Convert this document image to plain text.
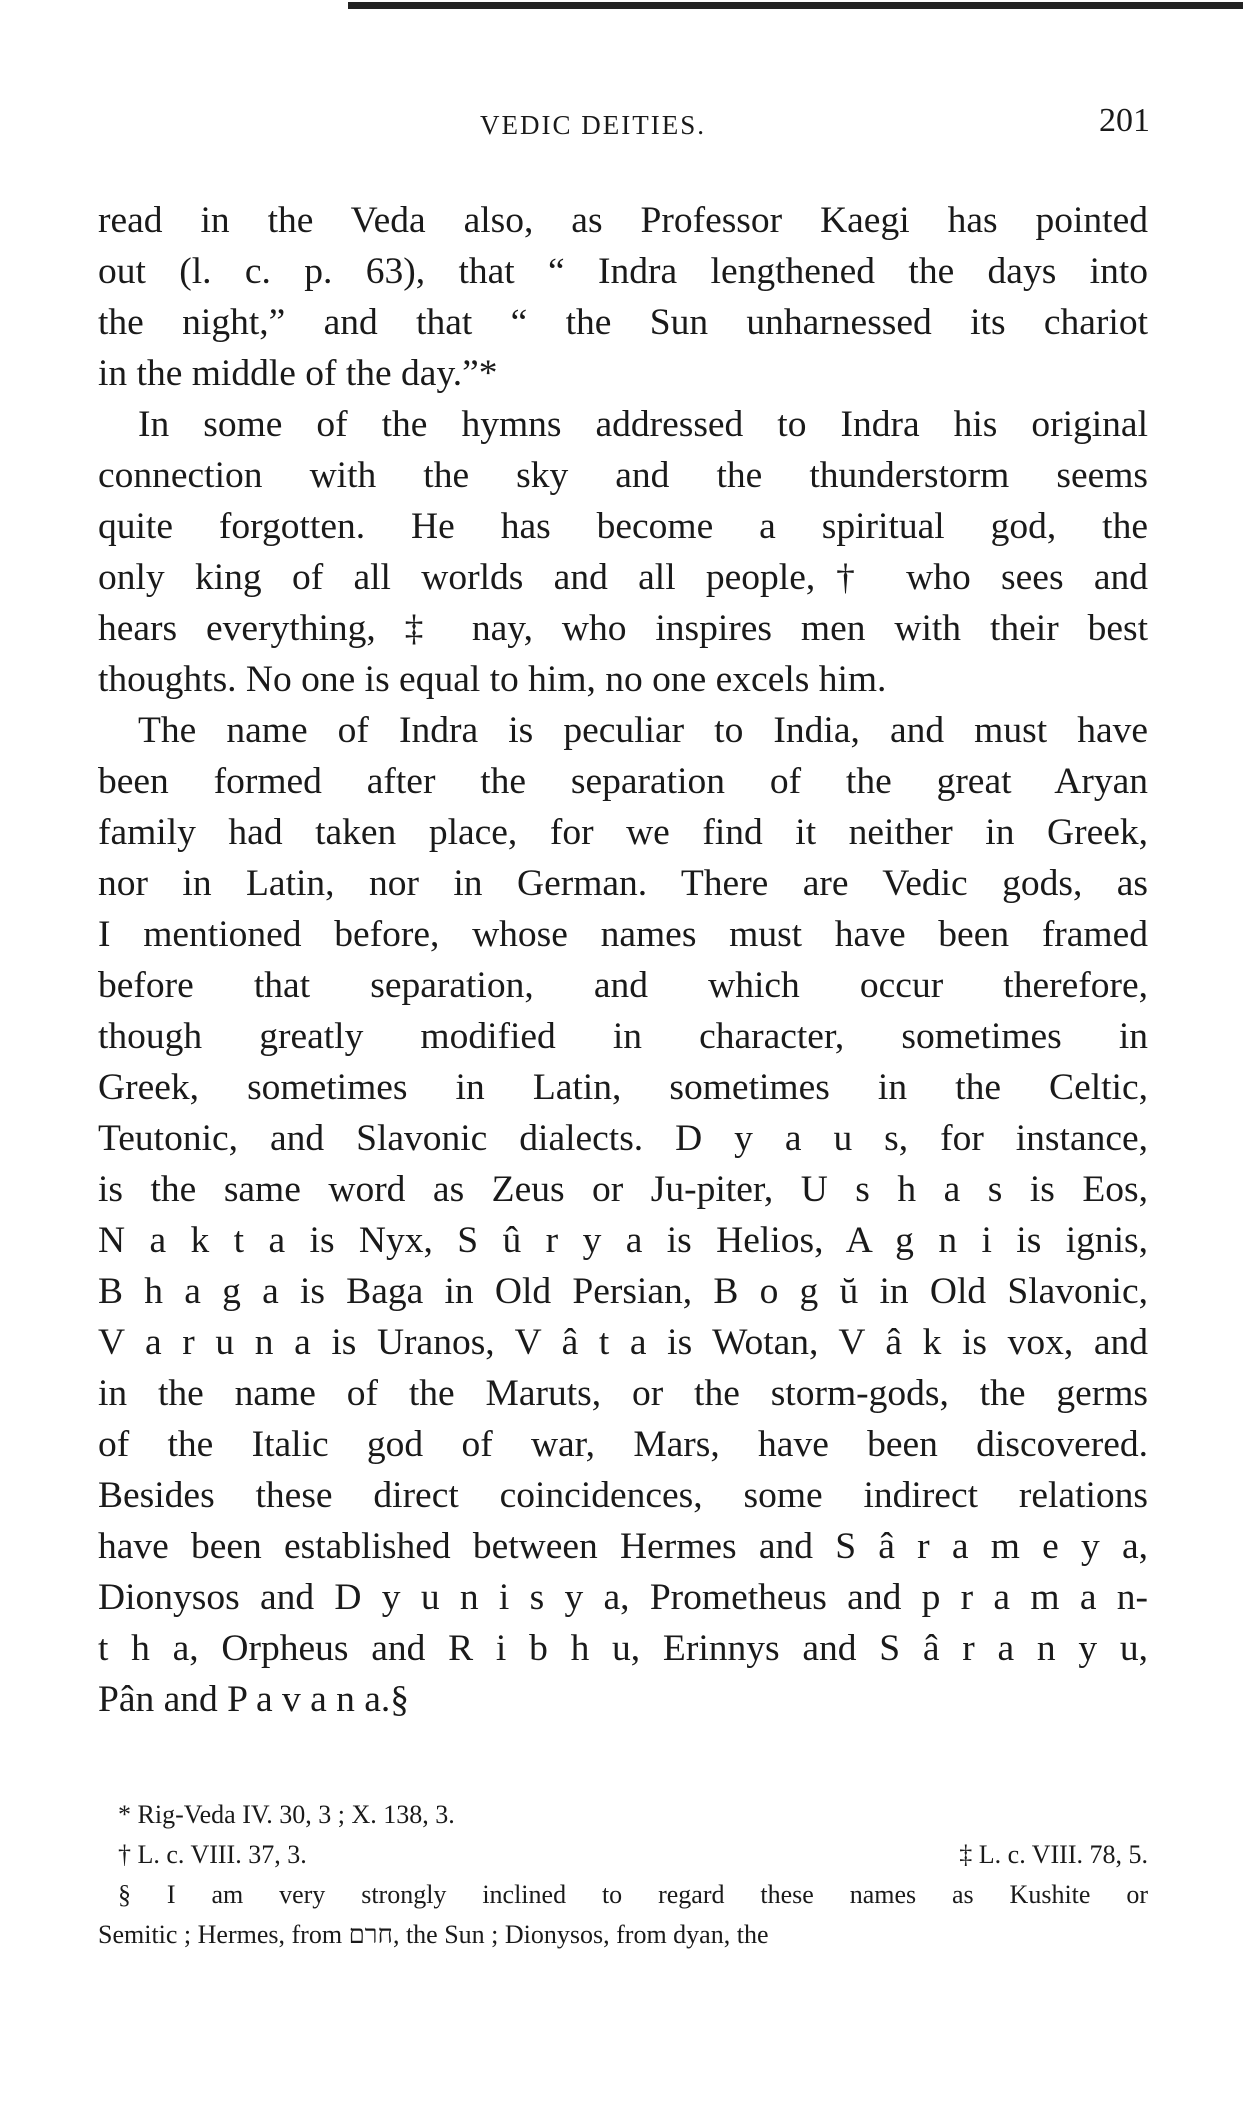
VEDIC DEITIES.	201

read in the Veda also, as Professor Kaegi has pointed
out (l. c. p. 63), that “ Indra lengthened the days into
the night,” and that “ the Sun unharnessed its chariot
in the middle of the day.”*

In some of the hymns addressed to Indra his original
connection with the sky and the thunderstorm seems
quite forgotten. He has become a spiritual god, the
only king of all worlds and all people,† who sees and
hears everything, ‡ nay, who inspires men with their best
thoughts. No one is equal to him, no one excels him.

The name of Indra is peculiar to India, and must have
been formed after the separation of the great Aryan
family had taken place, for we find it neither in Greek,
nor in Latin, nor in German. There are Vedic gods, as
I mentioned before, whose names must have been framed
before that separation, and which occur therefore,
though greatly modified in character, sometimes in
Greek, sometimes in Latin, sometimes in the Celtic,
Teutonic, and Slavonic dialects. D y a u s, for instance,
is the same word as Zeus or Ju-piter, U s h a s is Eos,
N a k t a is Nyx, S û r y a is Helios, A g n i is ignis,
B h a g a is Baga in Old Persian, B o g ŭ in Old Slavonic,
V a r u n a is Uranos, V â t a is Wotan, V â k is vox, and
in the name of the Maruts, or the storm-gods, the germs
of the Italic god of war, Mars, have been discovered.
Besides these direct coincidences, some indirect relations
have been established between Hermes and S â r a m e y a,
Dionysos and D y u n i s y a, Prometheus and p r a m a n-
t h a, Orpheus and R i b h u, Erinnys and S â r a n y u,
Pân and P a v a n a.§

* Rig-Veda IV. 30, 3 ; X. 138, 3.
† L. c. VIII. 37, 3.	‡ L. c. VIII. 78, 5.
§ I am very strongly inclined to regard these names as Kushite or
Semitic ; Hermes, from חרם, the Sun ; Dionysos, from dyan, the
